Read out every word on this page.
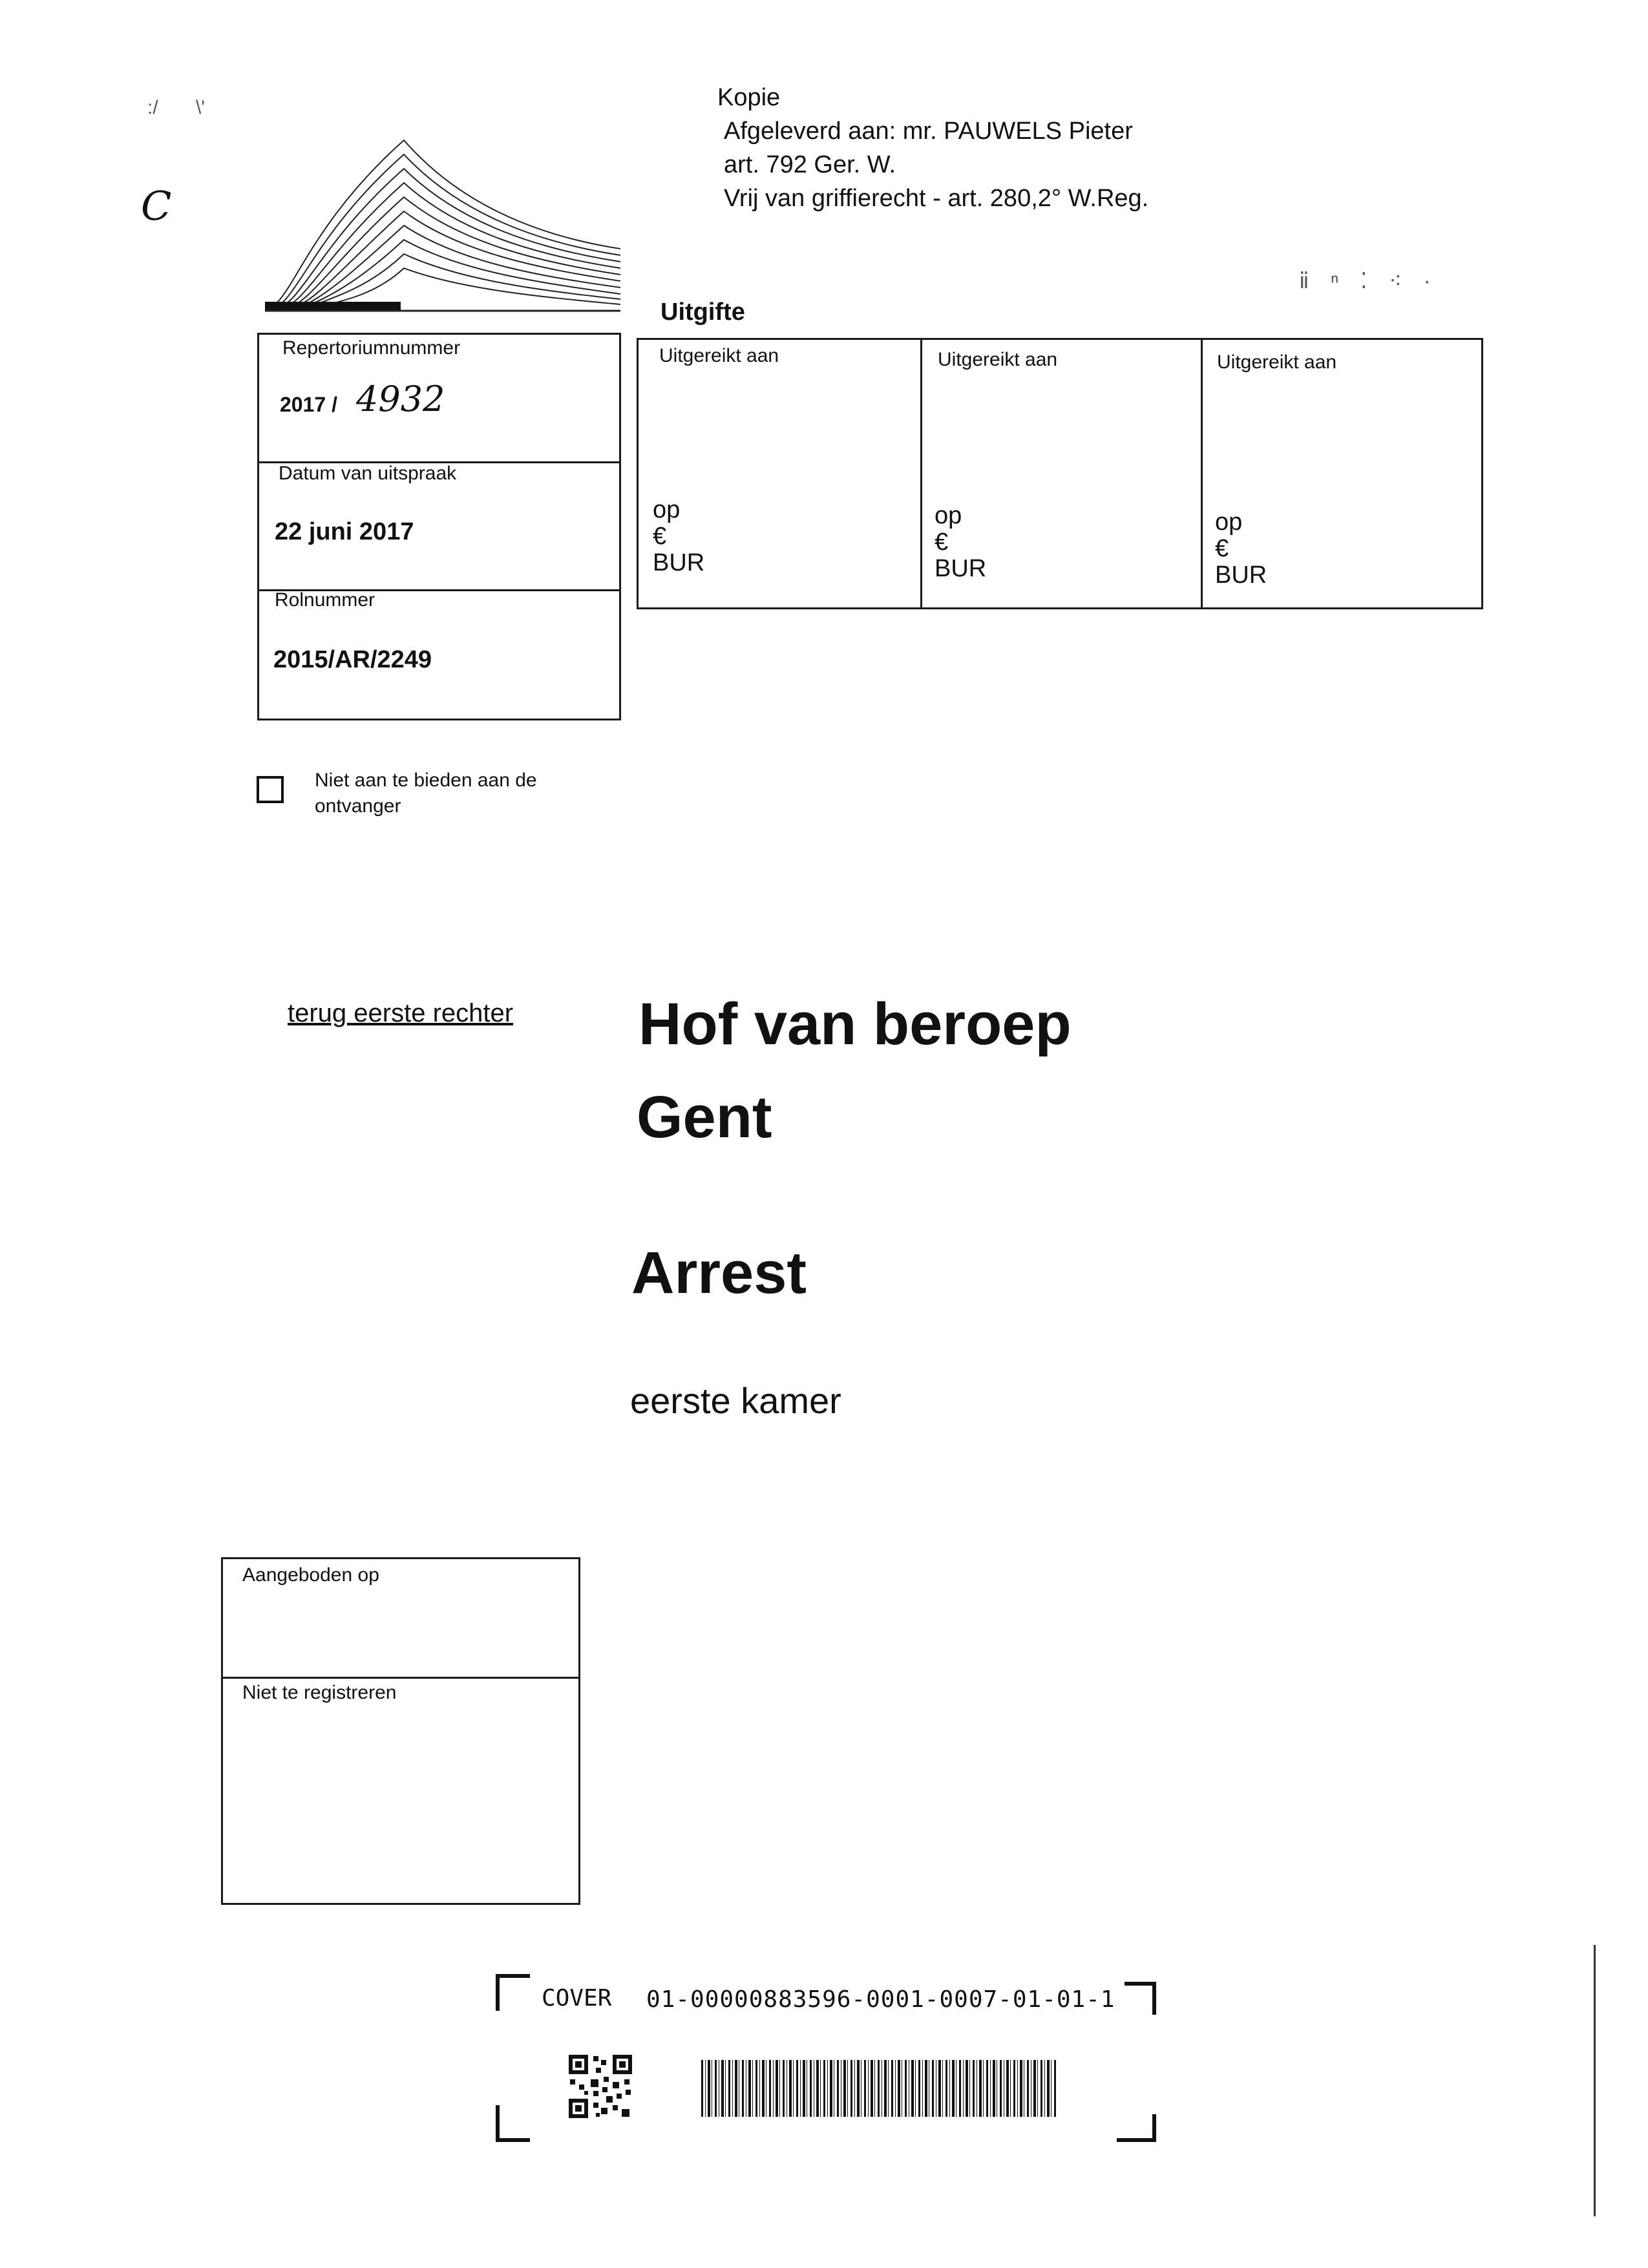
:/       \'
C
Kopie
Afgeleverd aan: mr. PAUWELS Pieter
art. 792 Ger. W.
Vrij van griffierecht - art. 280,2° W.Reg.
ⅱ ⁿ ⁚ ⁖ ·
Uitgifte
Uitgereikt aan
op
€
BUR
Uitgereikt aan
op
€
BUR
Uitgereikt aan
op
€
BUR
Repertoriumnummer
2017 / 4932
Datum van uitspraak
22 juni 2017
Rolnummer
2015/AR/2249
Niet aan te bieden aan de
ontvanger
terug eerste rechter Hof van beroep
Gent
Arrest
eerste kamer
Aangeboden op
Niet te registreren
COVER 01-00000883596-0001-0007-01-01-1
